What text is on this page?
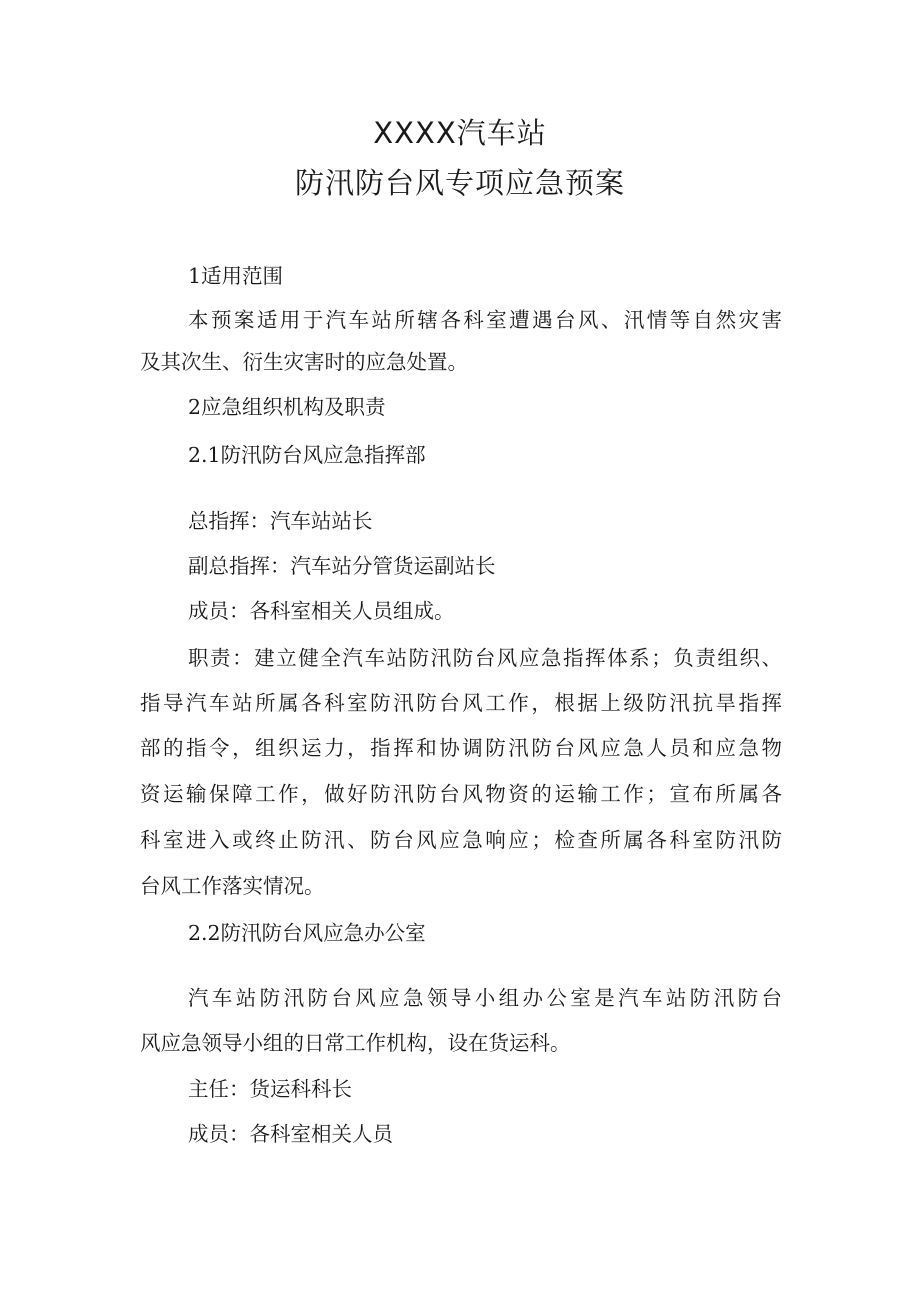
XXXX汽车站
防汛防台风专项应急预案
1适用范围
本预案适用于汽车站所辖各科室遭遇台风、汛情等自然灾害
及其次生、衍生灾害时的应急处置。
2应急组织机构及职责
2.1防汛防台风应急指挥部
总指挥：汽车站站长
副总指挥：汽车站分管货运副站长
成员：各科室相关人员组成。
职责：建立健全汽车站防汛防台风应急指挥体系；负责组织、
指导汽车站所属各科室防汛防台风工作，根据上级防汛抗旱指挥
部的指令，组织运力，指挥和协调防汛防台风应急人员和应急物
资运输保障工作，做好防汛防台风物资的运输工作；宣布所属各
科室进入或终止防汛、防台风应急响应；检查所属各科室防汛防
台风工作落实情况。
2.2防汛防台风应急办公室
汽车站防汛防台风应急领导小组办公室是汽车站防汛防台
风应急领导小组的日常工作机构，设在货运科。
主任：货运科科长
成员：各科室相关人员
